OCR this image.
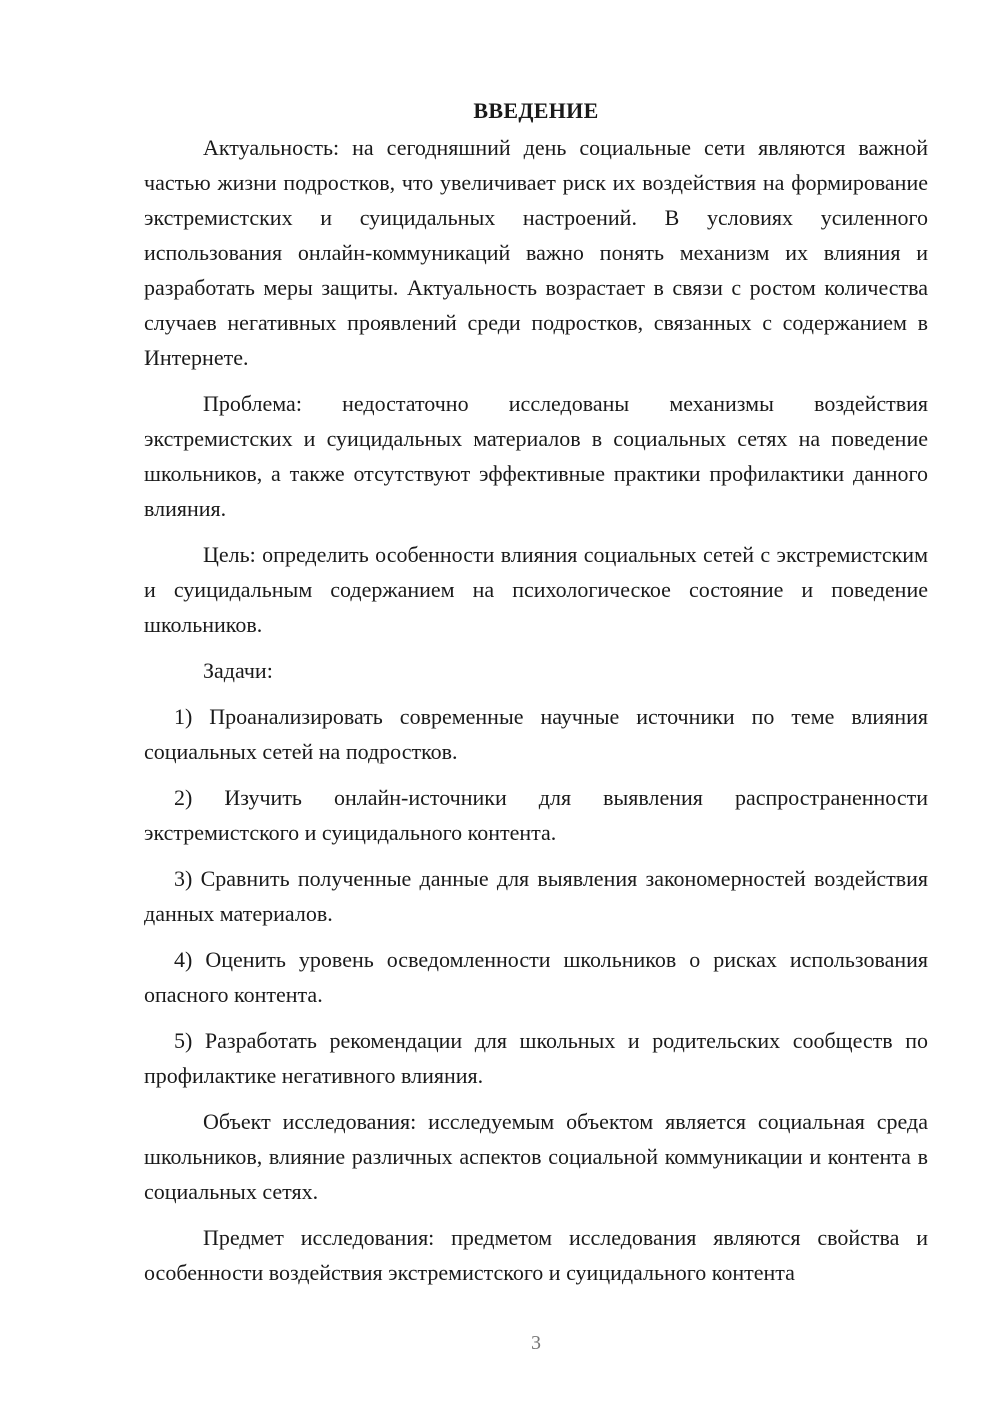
ВВЕДЕНИЕ

Актуальность: на сегодняшний день социальные сети являются важной частью жизни подростков, что увеличивает риск их воздействия на формирование экстремистских и суицидальных настроений. В условиях усиленного использования онлайн-коммуникаций важно понять механизм их влияния и разработать меры защиты. Актуальность возрастает в связи с ростом количества случаев негативных проявлений среди подростков, связанных с содержанием в Интернете.

Проблема: недостаточно исследованы механизмы воздействия экстремистских и суицидальных материалов в социальных сетях на поведение школьников, а также отсутствуют эффективные практики профилактики данного влияния.

Цель: определить особенности влияния социальных сетей с экстремистским и суицидальным содержанием на психологическое состояние и поведение школьников.

Задачи:

1) Проанализировать современные научные источники по теме влияния социальных сетей на подростков.

2) Изучить онлайн-источники для выявления распространенности экстремистского и суицидального контента.

3) Сравнить полученные данные для выявления закономерностей воздействия данных материалов.

4) Оценить уровень осведомленности школьников о рисках использования опасного контента.

5) Разработать рекомендации для школьных и родительских сообществ по профилактике негативного влияния.

Объект исследования: исследуемым объектом является социальная среда школьников, влияние различных аспектов социальной коммуникации и контента в социальных сетях.

Предмет исследования: предметом исследования являются свойства и особенности воздействия экстремистского и суицидального контента

3
